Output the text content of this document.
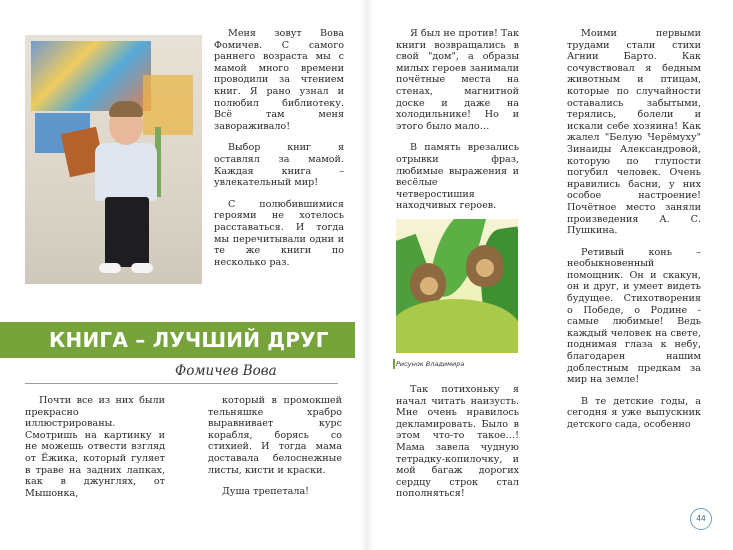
Меня зовут Вова Фомичев. С самого раннего возраста мы с мамой много времени проводили за чтением книг. Я рано узнал и полюбил библиотеку. Всё там меня завораживало!

Выбор книг я оставлял за мамой. Каждая книга – увлекательный мир!

С полюбившимися героями не хотелось расставаться. И тогда мы перечитывали одни и те же книги по несколько раз.

КНИГА – ЛУЧШИЙ ДРУГ
Фомичев Вова

Почти все из них были прекрасно иллюстрированы. Смотришь на картинку и не можешь отвести взгляд от Ёжика, который гуляет в траве на задних лапках, как в джунглях, от Мышонка,

который в промокшей тельняшке храбро выравнивает курс корабля, борясь со стихией. И тогда мама доставала белоснежные листы, кисти и краски.

Душа трепетала!

Я был не против! Так книги возвращались в свой "дом", а образы милых героев занимали почётные места на стенах, магнитной доске и даже на холодильнике! Но и этого было мало…

В память врезались отрывки фраз, любимые выражения и весёлые четверостишия находчивых героев.

Рисунок Владимира

Так потихоньку я начал читать наизусть. Мне очень нравилось декламировать. Было в этом что-то такое…! Мама завела чудную тетрадку-копилочку, и мой багаж дорогих сердцу строк стал пополняться!

Моими первыми трудами стали стихи Агнии Барто. Как сочувствовал я бедным животным и птицам, которые по случайности оставались забытыми, терялись, болели и искали себе хозяина! Как жалел "Белую Черёмуху" Зинаиды Александровой, которую по глупости погубил человек. Очень нравились басни, у них особое настроение! Почётное место заняли произведения А. С. Пушкина.

Ретивый конь – необыкновенный помощник. Он и скакун, он и друг, и умеет видеть будущее. Стихотворения о Победе, о Родине - самые любимые! Ведь каждый человек на свете, поднимая глаза к небу, благодарен нашим доблестным предкам за мир на земле!

В те детские годы, а сегодня я уже выпускник детского сада, особенно

44
